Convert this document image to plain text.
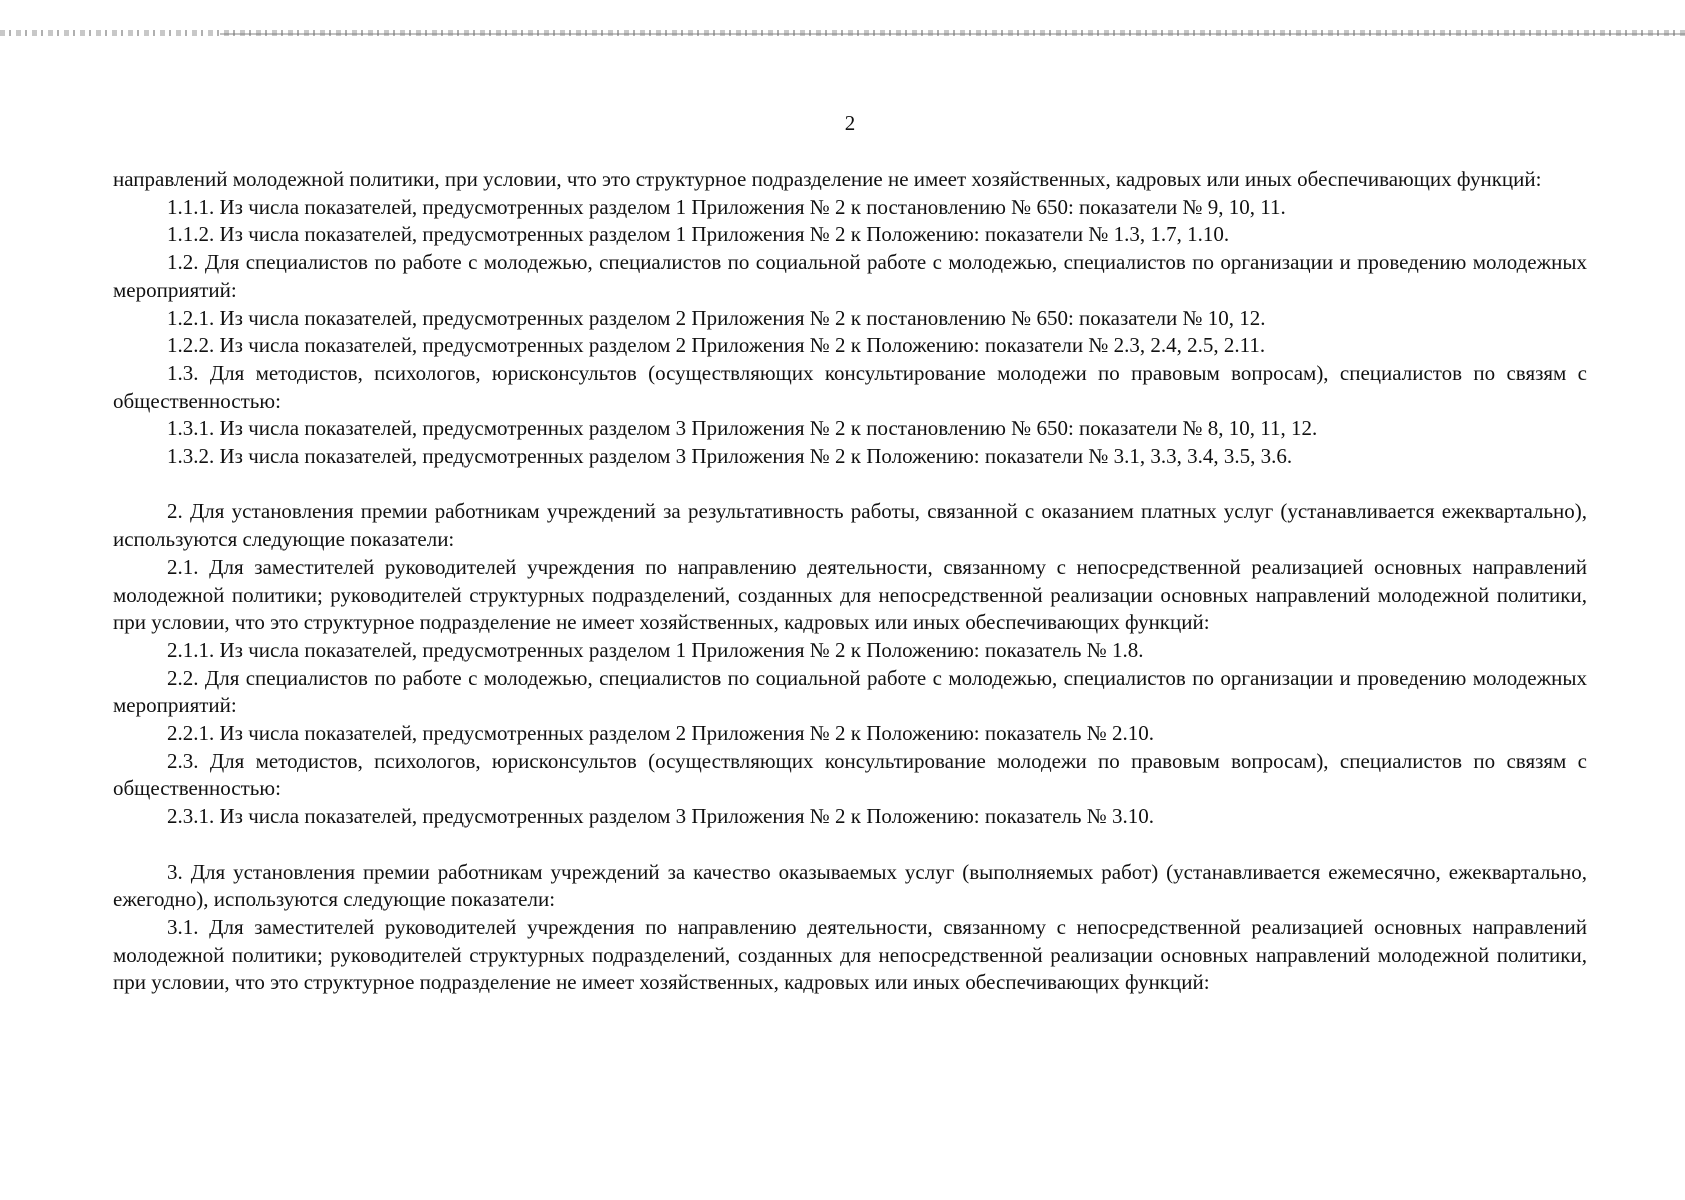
2

направлений молодежной политики, при условии, что это структурное подразделение не имеет хозяйственных, кадровых или иных обеспечивающих функций:

1.1.1. Из числа показателей, предусмотренных разделом 1 Приложения № 2 к постановлению № 650: показатели № 9, 10, 11.

1.1.2. Из числа показателей, предусмотренных разделом 1 Приложения № 2 к Положению: показатели № 1.3, 1.7, 1.10.

1.2. Для специалистов по работе с молодежью, специалистов по социальной работе с молодежью, специалистов по организации и проведению молодежных мероприятий:

1.2.1. Из числа показателей, предусмотренных разделом 2 Приложения № 2 к постановлению № 650: показатели № 10, 12.

1.2.2. Из числа показателей, предусмотренных разделом 2 Приложения № 2 к Положению: показатели № 2.3, 2.4, 2.5, 2.11.

1.3. Для методистов, психологов, юрисконсультов (осуществляющих консультирование молодежи по правовым вопросам), специалистов по связям с общественностью:

1.3.1. Из числа показателей, предусмотренных разделом 3 Приложения № 2 к постановлению № 650: показатели № 8, 10, 11, 12.

1.3.2. Из числа показателей, предусмотренных разделом 3 Приложения № 2 к Положению: показатели № 3.1, 3.3, 3.4, 3.5, 3.6.

2. Для установления премии работникам учреждений за результативность работы, связанной с оказанием платных услуг (устанавливается ежеквартально), используются следующие показатели:

2.1. Для заместителей руководителей учреждения по направлению деятельности, связанному с непосредственной реализацией основных направлений молодежной политики; руководителей структурных подразделений, созданных для непосредственной реализации основных направлений молодежной политики, при условии, что это структурное подразделение не имеет хозяйственных, кадровых или иных обеспечивающих функций:

2.1.1. Из числа показателей, предусмотренных разделом 1 Приложения № 2 к Положению: показатель № 1.8.

2.2. Для специалистов по работе с молодежью, специалистов по социальной работе с молодежью, специалистов по организации и проведению молодежных мероприятий:

2.2.1. Из числа показателей, предусмотренных разделом 2 Приложения № 2 к Положению: показатель № 2.10.

2.3. Для методистов, психологов, юрисконсультов (осуществляющих консультирование молодежи по правовым вопросам), специалистов по связям с общественностью:

2.3.1. Из числа показателей, предусмотренных разделом 3 Приложения № 2 к Положению: показатель № 3.10.

3. Для установления премии работникам учреждений за качество оказываемых услуг (выполняемых работ) (устанавливается ежемесячно, ежеквартально, ежегодно), используются следующие показатели:

3.1. Для заместителей руководителей учреждения по направлению деятельности, связанному с непосредственной реализацией основных направлений молодежной политики; руководителей структурных подразделений, созданных для непосредственной реализации основных направлений молодежной политики, при условии, что это структурное подразделение не имеет хозяйственных, кадровых или иных обеспечивающих функций:
